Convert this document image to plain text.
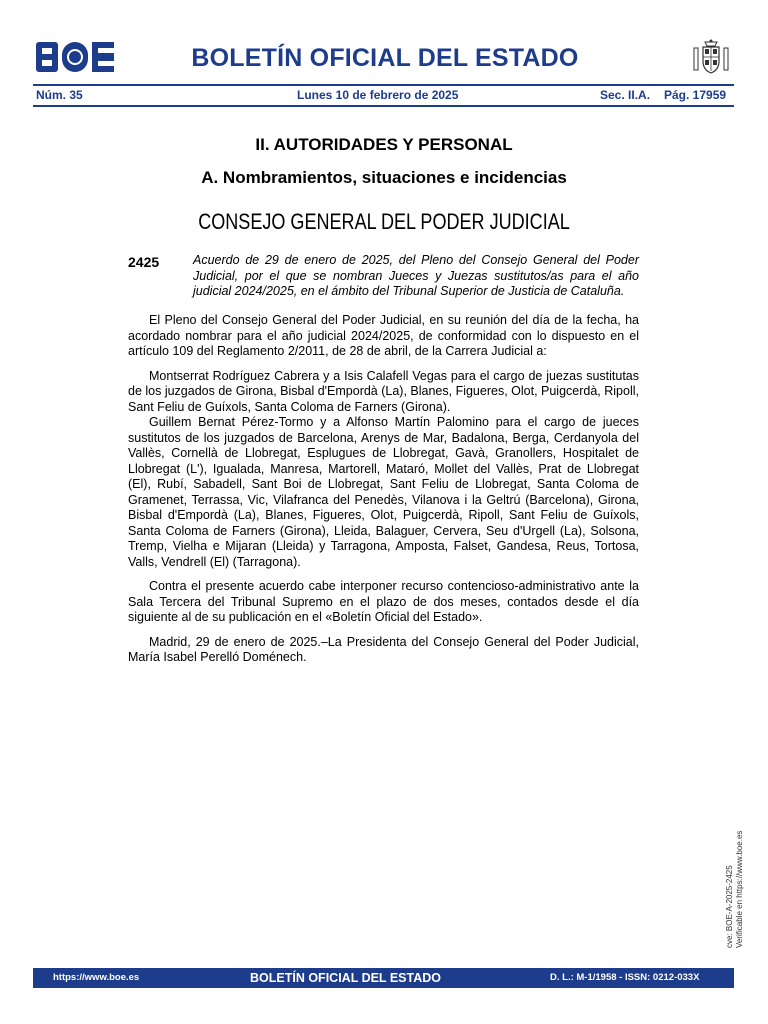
BOLETÍN OFICIAL DEL ESTADO
Núm. 35	Lunes 10 de febrero de 2025	Sec. II.A. Pág. 17959
II. AUTORIDADES Y PERSONAL
A. Nombramientos, situaciones e incidencias
CONSEJO GENERAL DEL PODER JUDICIAL
2425	Acuerdo de 29 de enero de 2025, del Pleno del Consejo General del Poder Judicial, por el que se nombran Jueces y Juezas sustitutos/as para el año judicial 2024/2025, en el ámbito del Tribunal Superior de Justicia de Cataluña.

El Pleno del Consejo General del Poder Judicial, en su reunión del día de la fecha, ha acordado nombrar para el año judicial 2024/2025, de conformidad con lo dispuesto en el artículo 109 del Reglamento 2/2011, de 28 de abril, de la Carrera Judicial a:

Montserrat Rodríguez Cabrera y a Isis Calafell Vegas para el cargo de juezas sustitutas de los juzgados de Girona, Bisbal d'Empordà (La), Blanes, Figueres, Olot, Puigcerdà, Ripoll, Sant Feliu de Guíxols, Santa Coloma de Farners (Girona).

Guillem Bernat Pérez-Tormo y a Alfonso Martín Palomino para el cargo de jueces sustitutos de los juzgados de Barcelona, Arenys de Mar, Badalona, Berga, Cerdanyola del Vallès, Cornellà de Llobregat, Esplugues de Llobregat, Gavà, Granollers, Hospitalet de Llobregat (L'), Igualada, Manresa, Martorell, Mataró, Mollet del Vallès, Prat de Llobregat (El), Rubí, Sabadell, Sant Boi de Llobregat, Sant Feliu de Llobregat, Santa Coloma de Gramenet, Terrassa, Vic, Vilafranca del Penedès, Vilanova i la Geltrú (Barcelona), Girona, Bisbal d'Empordà (La), Blanes, Figueres, Olot, Puigcerdà, Ripoll, Sant Feliu de Guíxols, Santa Coloma de Farners (Girona), Lleida, Balaguer, Cervera, Seu d'Urgell (La), Solsona, Tremp, Vielha e Mijaran (Lleida) y Tarragona, Amposta, Falset, Gandesa, Reus, Tortosa, Valls, Vendrell (El) (Tarragona).

Contra el presente acuerdo cabe interponer recurso contencioso-administrativo ante la Sala Tercera del Tribunal Supremo en el plazo de dos meses, contados desde el día siguiente al de su publicación en el «Boletín Oficial del Estado».

Madrid, 29 de enero de 2025.–La Presidenta del Consejo General del Poder Judicial, María Isabel Perelló Doménech.

cve: BOE-A-2025-2425 Verificable en https://www.boe.es
https://www.boe.es	BOLETÍN OFICIAL DEL ESTADO	D. L.: M-1/1958 - ISSN: 0212-033X
